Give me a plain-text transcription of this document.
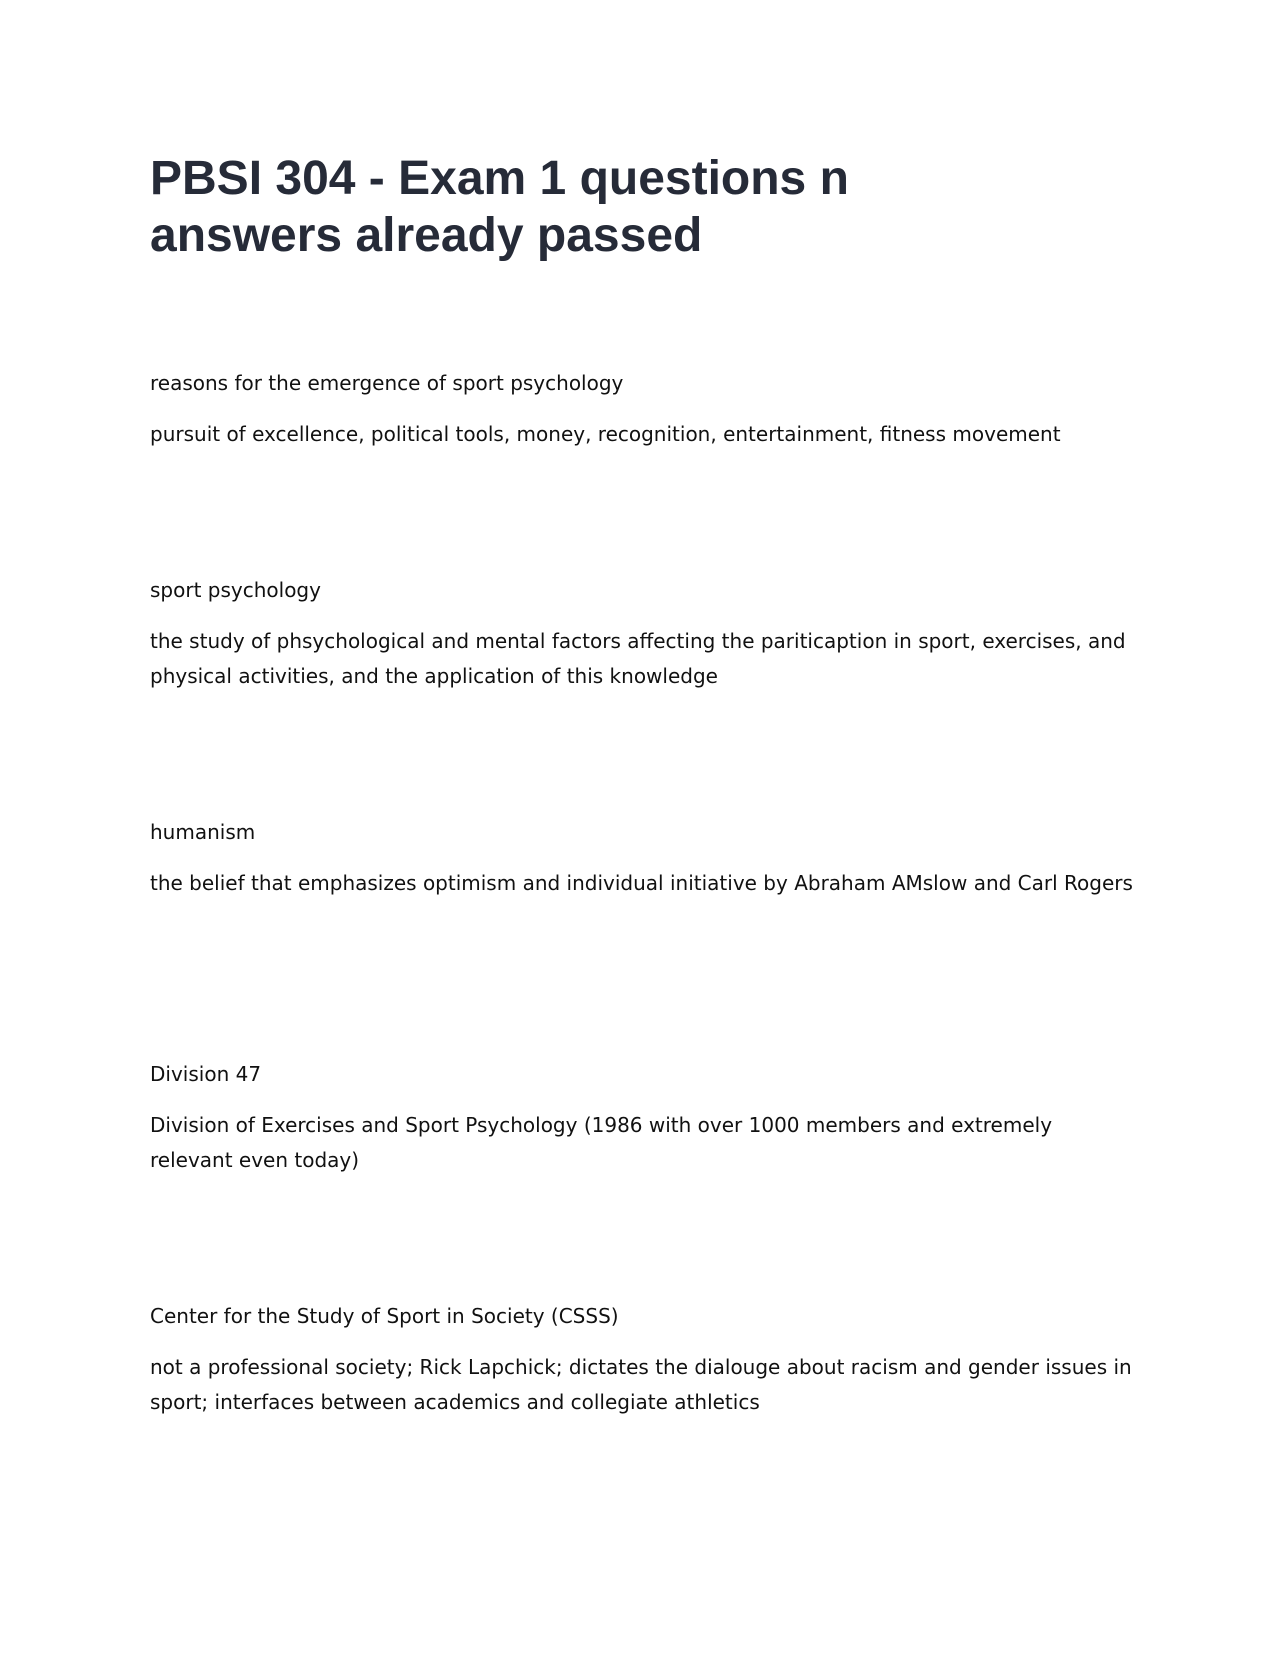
PBSI 304 - Exam 1 questions n
answers already passed

reasons for the emergence of sport psychology

pursuit of excellence, political tools, money, recognition, entertainment, fitness movement

sport psychology

the study of phsychological and mental factors affecting the pariticaption in sport, exercises, and physical activities, and the application of this knowledge

humanism

the belief that emphasizes optimism and individual initiative by Abraham AMslow and Carl Rogers

Division 47

Division of Exercises and Sport Psychology (1986 with over 1000 members and extremely relevant even today)

Center for the Study of Sport in Society (CSSS)

not a professional society; Rick Lapchick; dictates the dialouge about racism and gender issues in sport; interfaces between academics and collegiate athletics
